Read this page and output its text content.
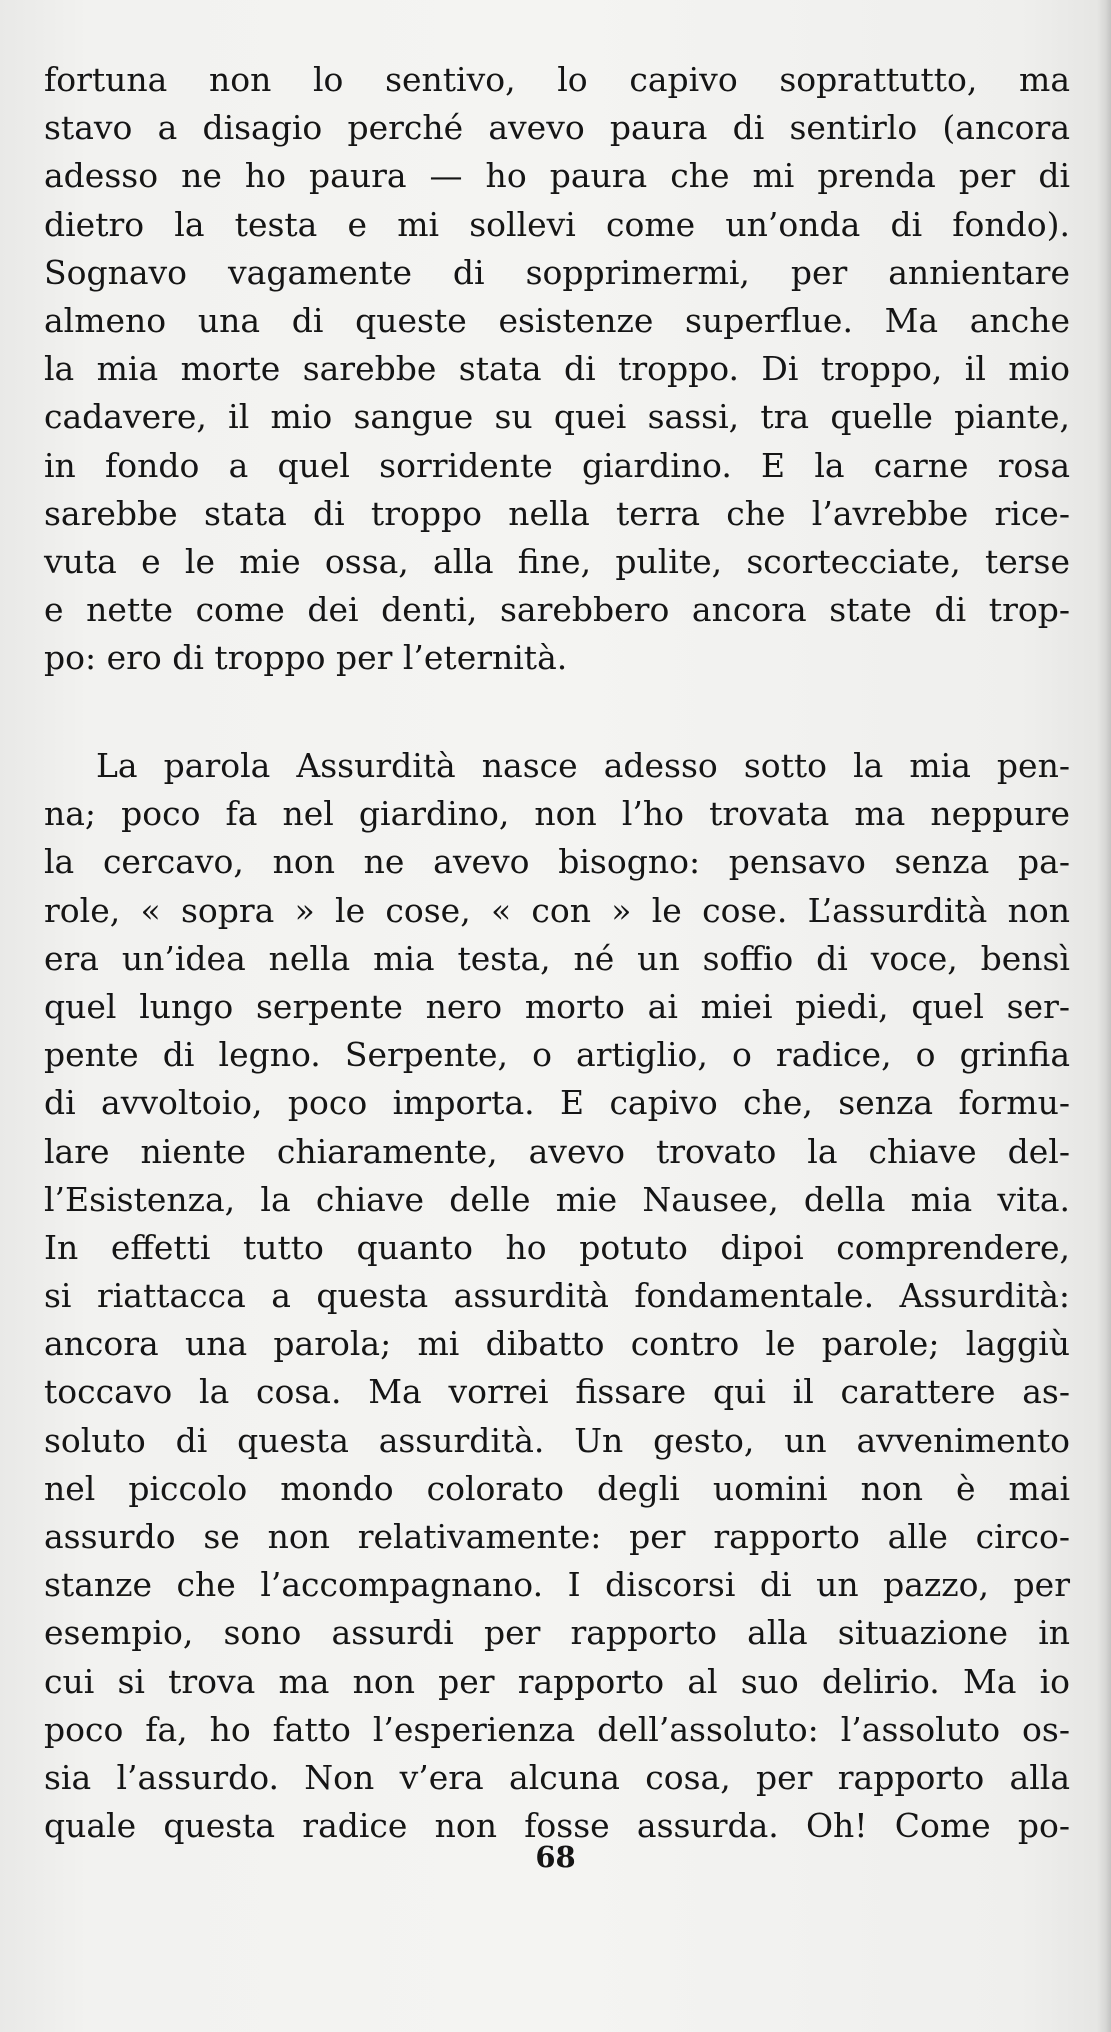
fortuna non lo sentivo, lo capivo soprattutto, ma
stavo a disagio perché avevo paura di sentirlo (ancora
adesso ne ho paura — ho paura che mi prenda per di
dietro la testa e mi sollevi come un’onda di fondo).
Sognavo vagamente di sopprimermi, per annientare
almeno una di queste esistenze superflue. Ma anche
la mia morte sarebbe stata di troppo. Di troppo, il mio
cadavere, il mio sangue su quei sassi, tra quelle piante,
in fondo a quel sorridente giardino. E la carne rosa
sarebbe stata di troppo nella terra che l’avrebbe rice-
vuta e le mie ossa, alla fine, pulite, scortecciate, terse
e nette come dei denti, sarebbero ancora state di trop-
po: ero di troppo per l’eternità.
La parola Assurdità nasce adesso sotto la mia pen-
na; poco fa nel giardino, non l’ho trovata ma neppure
la cercavo, non ne avevo bisogno: pensavo senza pa-
role, « sopra » le cose, « con » le cose. L’assurdità non
era un’idea nella mia testa, né un soffio di voce, bensì
quel lungo serpente nero morto ai miei piedi, quel ser-
pente di legno. Serpente, o artiglio, o radice, o grinfia
di avvoltoio, poco importa. E capivo che, senza formu-
lare niente chiaramente, avevo trovato la chiave del-
l’Esistenza, la chiave delle mie Nausee, della mia vita.
In effetti tutto quanto ho potuto dipoi comprendere,
si riattacca a questa assurdità fondamentale. Assurdità:
ancora una parola; mi dibatto contro le parole; laggiù
toccavo la cosa. Ma vorrei fissare qui il carattere as-
soluto di questa assurdità. Un gesto, un avvenimento
nel piccolo mondo colorato degli uomini non è mai
assurdo se non relativamente: per rapporto alle circo-
stanze che l’accompagnano. I discorsi di un pazzo, per
esempio, sono assurdi per rapporto alla situazione in
cui si trova ma non per rapporto al suo delirio. Ma io
poco fa, ho fatto l’esperienza dell’assoluto: l’assoluto os-
sia l’assurdo. Non v’era alcuna cosa, per rapporto alla
quale questa radice non fosse assurda. Oh! Come po-
68
